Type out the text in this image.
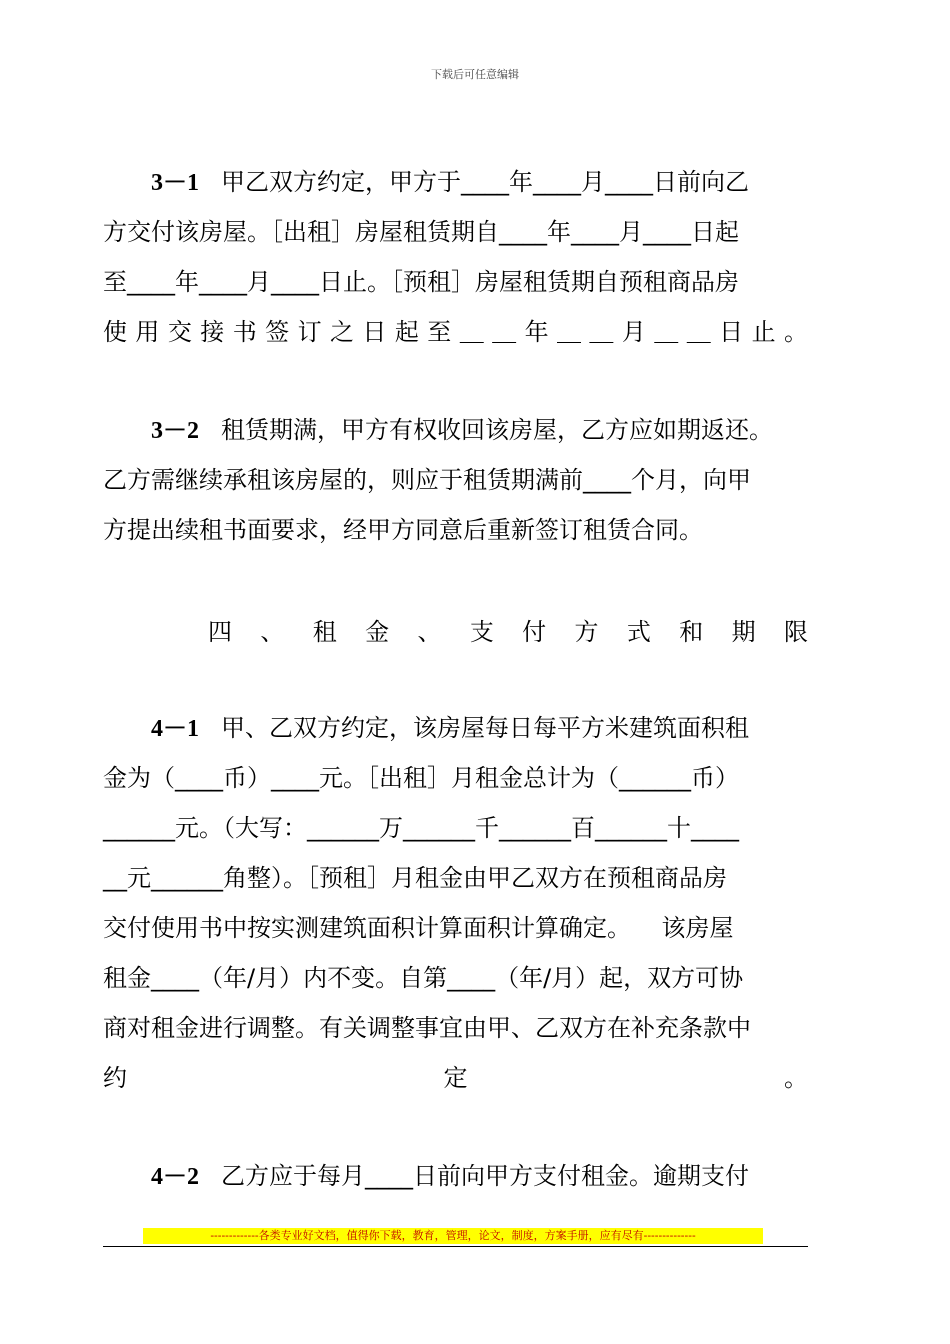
下载后可任意编辑
3－1 甲乙双方约定，甲方于____年____月____日前向乙
方交付该房屋。［出租］房屋租赁期自____年____月____日起
至____年____月____日止。［预租］房屋租赁期自预租商品房
使用交接书签订之日起至＿＿年＿＿月＿＿日止。
3－2 租赁期满，甲方有权收回该房屋，乙方应如期返还。
乙方需继续承租该房屋的，则应于租赁期满前____个月，向甲
方提出续租书面要求，经甲方同意后重新签订租赁合同。
四、租金、支付方式和期限
4－1 甲、乙双方约定，该房屋每日每平方米建筑面积租
金为（____币）____元。［出租］月租金总计为（______币）
______元。（大写：______万______千______百______十____
__元______角整）。［预租］月租金由甲乙双方在预租商品房
交付使用书中按实测建筑面积计算面积计算确定。    该房屋
租金____（年/月）内不变。自第____（年/月）起，双方可协
商对租金进行调整。有关调整事宜由甲、乙双方在补充条款中
约定。
4－2 乙方应于每月____日前向甲方支付租金。逾期支付
-------------各类专业好文档，值得你下载，教育，管理，论文，制度，方案手册，应有尽有--------------
